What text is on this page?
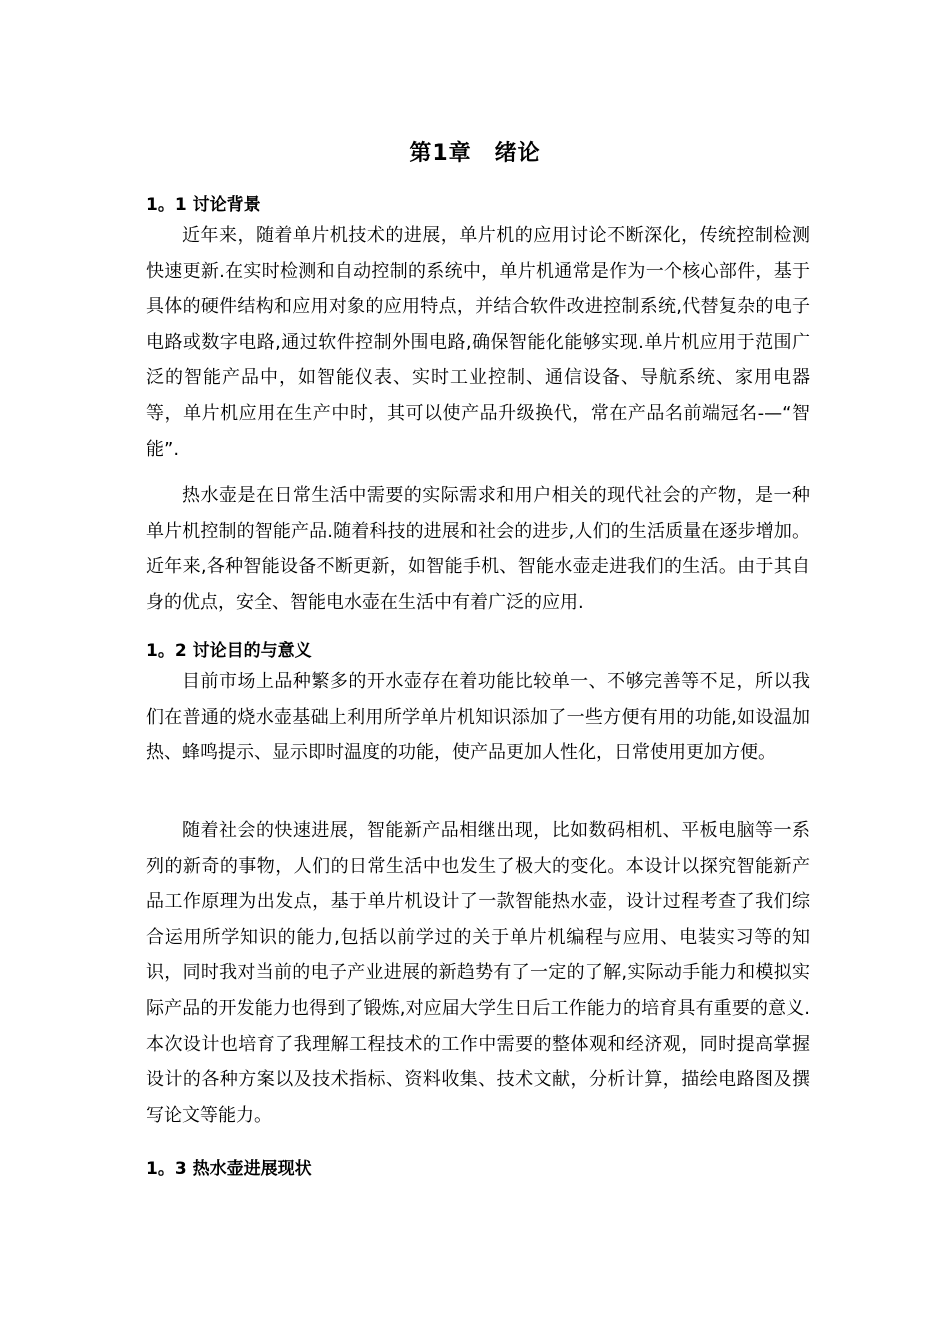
第1章　绪论
1。1 讨论背景

近年来，随着单片机技术的进展，单片机的应用讨论不断深化，传统控制检测快速更新.在实时检测和自动控制的系统中，单片机通常是作为一个核心部件，基于具体的硬件结构和应用对象的应用特点，并结合软件改进控制系统,代替复杂的电子电路或数字电路,通过软件控制外围电路,确保智能化能够实现.单片机应用于范围广泛的智能产品中，如智能仪表、实时工业控制、通信设备、导航系统、家用电器等，单片机应用在生产中时，其可以使产品升级换代，常在产品名前端冠名-—“智能”.

热水壶是在日常生活中需要的实际需求和用户相关的现代社会的产物，是一种单片机控制的智能产品.随着科技的进展和社会的进步,人们的生活质量在逐步增加。近年来,各种智能设备不断更新，如智能手机、智能水壶走进我们的生活。由于其自身的优点，安全、智能电水壶在生活中有着广泛的应用.

1。2 讨论目的与意义

目前市场上品种繁多的开水壶存在着功能比较单一、不够完善等不足，所以我们在普通的烧水壶基础上利用所学单片机知识添加了一些方便有用的功能,如设温加热、蜂鸣提示、显示即时温度的功能，使产品更加人性化，日常使用更加方便。

随着社会的快速进展，智能新产品相继出现，比如数码相机、平板电脑等一系列的新奇的事物，人们的日常生活中也发生了极大的变化。本设计以探究智能新产品工作原理为出发点，基于单片机设计了一款智能热水壶，设计过程考查了我们综合运用所学知识的能力,包括以前学过的关于单片机编程与应用、电装实习等的知识，同时我对当前的电子产业进展的新趋势有了一定的了解,实际动手能力和模拟实际产品的开发能力也得到了锻炼,对应届大学生日后工作能力的培育具有重要的意义.本次设计也培育了我理解工程技术的工作中需要的整体观和经济观，同时提高掌握设计的各种方案以及技术指标、资料收集、技术文献，分析计算，描绘电路图及撰写论文等能力。

1。3 热水壶进展现状
